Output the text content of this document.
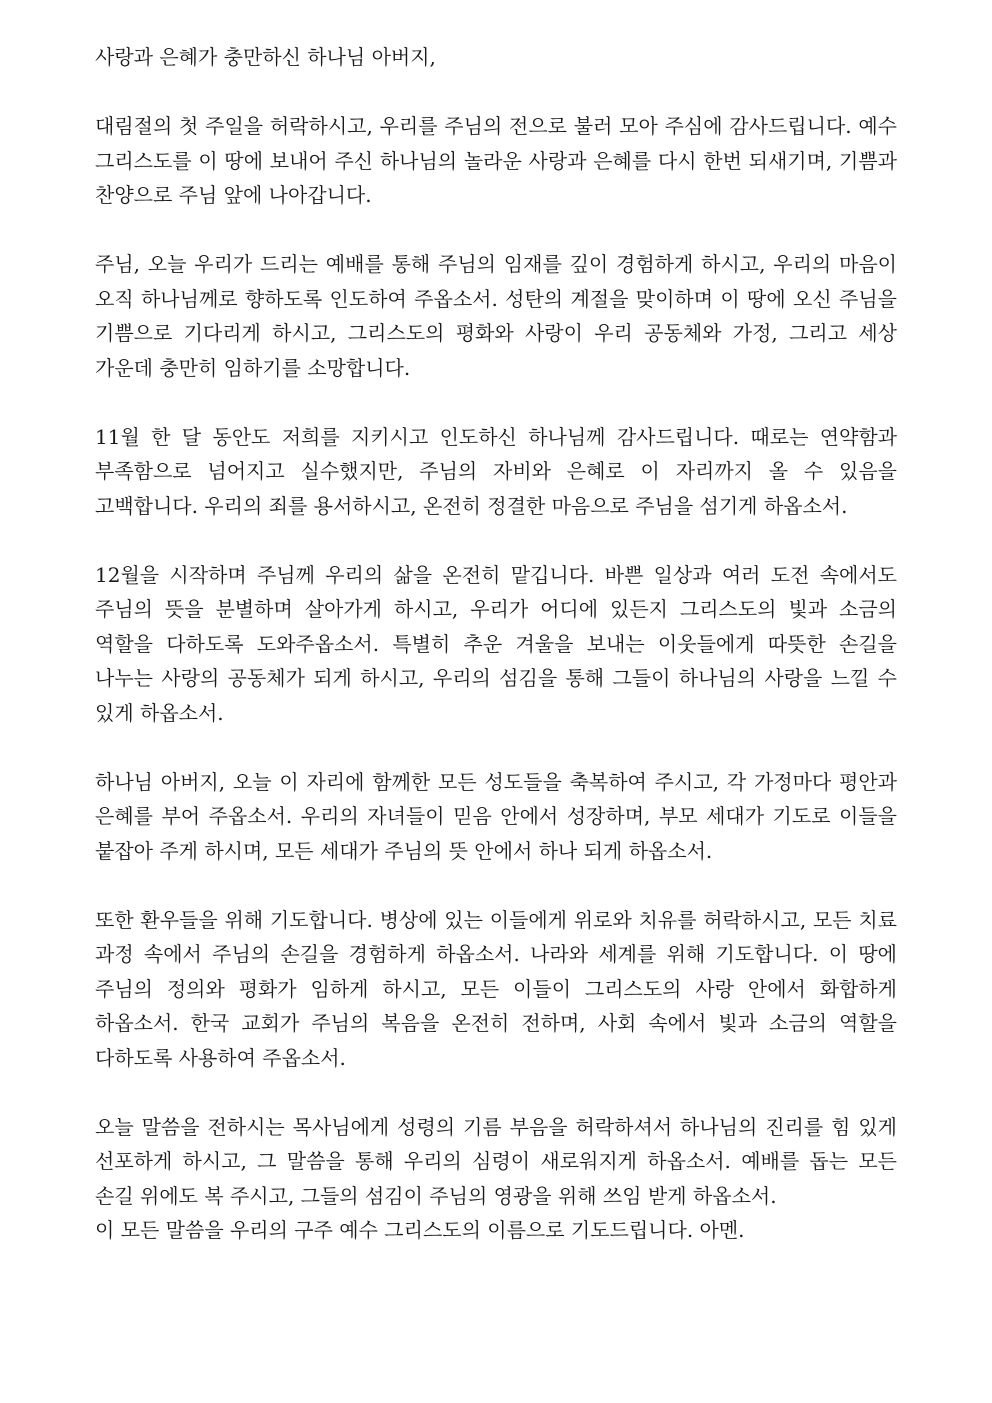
사랑과 은혜가 충만하신 하나님 아버지,

대림절의 첫 주일을 허락하시고, 우리를 주님의 전으로 불러 모아 주심에 감사드립니다. 예수 그리스도를 이 땅에 보내어 주신 하나님의 놀라운 사랑과 은혜를 다시 한번 되새기며, 기쁨과 찬양으로 주님 앞에 나아갑니다.

주님, 오늘 우리가 드리는 예배를 통해 주님의 임재를 깊이 경험하게 하시고, 우리의 마음이 오직 하나님께로 향하도록 인도하여 주옵소서. 성탄의 계절을 맞이하며 이 땅에 오신 주님을 기쁨으로 기다리게 하시고, 그리스도의 평화와 사랑이 우리 공동체와 가정, 그리고 세상 가운데 충만히 임하기를 소망합니다.

11월 한 달 동안도 저희를 지키시고 인도하신 하나님께 감사드립니다. 때로는 연약함과 부족함으로 넘어지고 실수했지만, 주님의 자비와 은혜로 이 자리까지 올 수 있음을 고백합니다. 우리의 죄를 용서하시고, 온전히 정결한 마음으로 주님을 섬기게 하옵소서.

12월을 시작하며 주님께 우리의 삶을 온전히 맡깁니다. 바쁜 일상과 여러 도전 속에서도 주님의 뜻을 분별하며 살아가게 하시고, 우리가 어디에 있든지 그리스도의 빛과 소금의 역할을 다하도록 도와주옵소서. 특별히 추운 겨울을 보내는 이웃들에게 따뜻한 손길을 나누는 사랑의 공동체가 되게 하시고, 우리의 섬김을 통해 그들이 하나님의 사랑을 느낄 수 있게 하옵소서.

하나님 아버지, 오늘 이 자리에 함께한 모든 성도들을 축복하여 주시고, 각 가정마다 평안과 은혜를 부어 주옵소서. 우리의 자녀들이 믿음 안에서 성장하며, 부모 세대가 기도로 이들을 붙잡아 주게 하시며, 모든 세대가 주님의 뜻 안에서 하나 되게 하옵소서.

또한 환우들을 위해 기도합니다. 병상에 있는 이들에게 위로와 치유를 허락하시고, 모든 치료 과정 속에서 주님의 손길을 경험하게 하옵소서. 나라와 세계를 위해 기도합니다. 이 땅에 주님의 정의와 평화가 임하게 하시고, 모든 이들이 그리스도의 사랑 안에서 화합하게 하옵소서. 한국 교회가 주님의 복음을 온전히 전하며, 사회 속에서 빛과 소금의 역할을 다하도록 사용하여 주옵소서.

오늘 말씀을 전하시는 목사님에게 성령의 기름 부음을 허락하셔서 하나님의 진리를 힘 있게 선포하게 하시고, 그 말씀을 통해 우리의 심령이 새로워지게 하옵소서. 예배를 돕는 모든 손길 위에도 복 주시고, 그들의 섬김이 주님의 영광을 위해 쓰임 받게 하옵소서.

이 모든 말씀을 우리의 구주 예수 그리스도의 이름으로 기도드립니다. 아멘.
